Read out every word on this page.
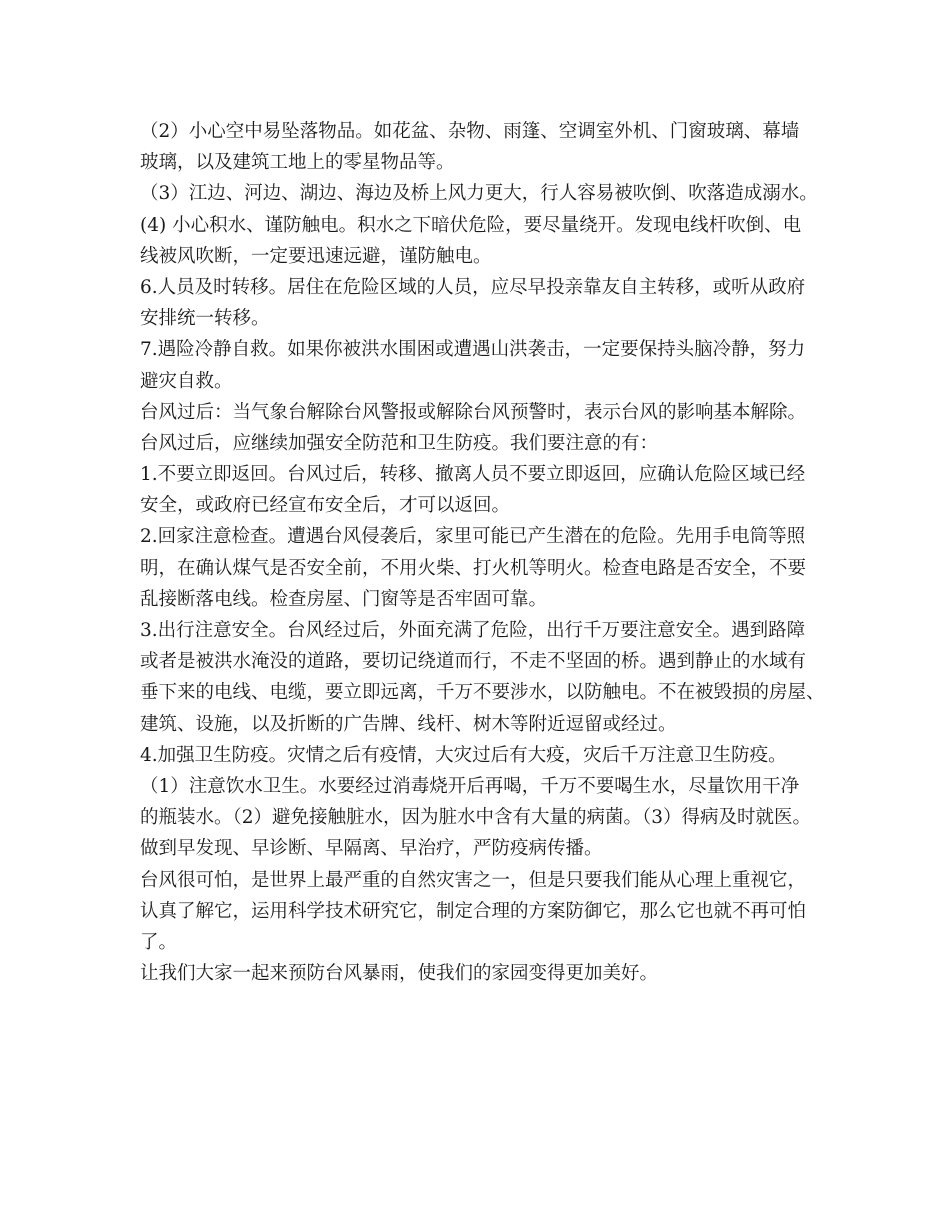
（2）小心空中易坠落物品。如花盆、杂物、雨篷、空调室外机、门窗玻璃、幕墙
玻璃，以及建筑工地上的零星物品等。
（3）江边、河边、湖边、海边及桥上风力更大，行人容易被吹倒、吹落造成溺水。
(4) 小心积水、谨防触电。积水之下暗伏危险，要尽量绕开。发现电线杆吹倒、电
线被风吹断，一定要迅速远避，谨防触电。
6.人员及时转移。居住在危险区域的人员，应尽早投亲靠友自主转移，或听从政府
安排统一转移。
7.遇险冷静自救。如果你被洪水围困或遭遇山洪袭击，一定要保持头脑冷静，努力
避灾自救。
台风过后：当气象台解除台风警报或解除台风预警时，表示台风的影响基本解除。
台风过后，应继续加强安全防范和卫生防疫。我们要注意的有：
1.不要立即返回。台风过后，转移、撤离人员不要立即返回，应确认危险区域已经
安全，或政府已经宣布安全后，才可以返回。
2.回家注意检查。遭遇台风侵袭后，家里可能已产生潜在的危险。先用手电筒等照
明，在确认煤气是否安全前，不用火柴、打火机等明火。检查电路是否安全，不要
乱接断落电线。检查房屋、门窗等是否牢固可靠。
3.出行注意安全。台风经过后，外面充满了危险，出行千万要注意安全。遇到路障
或者是被洪水淹没的道路，要切记绕道而行，不走不坚固的桥。遇到静止的水域有
垂下来的电线、电缆，要立即远离，千万不要涉水，以防触电。不在被毁损的房屋、
建筑、设施，以及折断的广告牌、线杆、树木等附近逗留或经过。
4.加强卫生防疫。灾情之后有疫情，大灾过后有大疫，灾后千万注意卫生防疫。
（1）注意饮水卫生。水要经过消毒烧开后再喝，千万不要喝生水，尽量饮用干净
的瓶装水。（2）避免接触脏水，因为脏水中含有大量的病菌。（3）得病及时就医。
做到早发现、早诊断、早隔离、早治疗，严防疫病传播。
台风很可怕，是世界上最严重的自然灾害之一，但是只要我们能从心理上重视它，
认真了解它，运用科学技术研究它，制定合理的方案防御它，那么它也就不再可怕
了。
让我们大家一起来预防台风暴雨，使我们的家园变得更加美好。
